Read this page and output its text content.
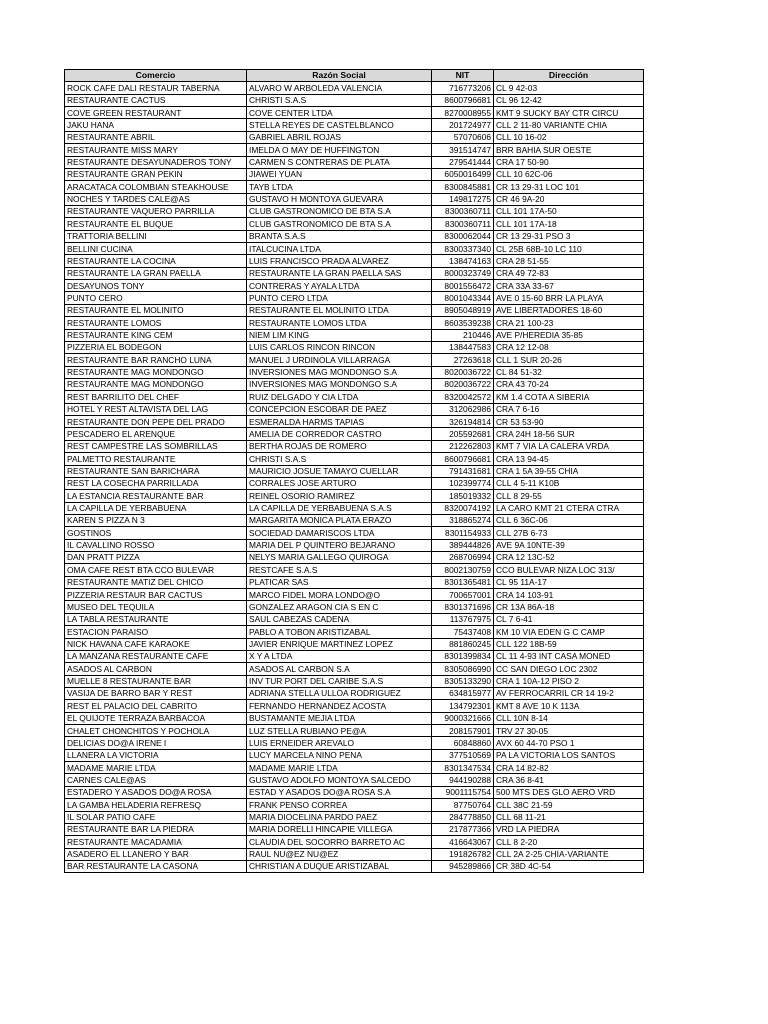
Comercio	Razón Social	NIT	Dirección
ROCK CAFE DALI RESTAUR TABERNA	ALVARO W ARBOLEDA VALENCIA	716773206	CL 9 42-03
RESTAURANTE CACTUS	CHRISTI S.A.S	8600796681	CL 96 12-42
COVE GREEN RESTAURANT	COVE CENTER LTDA	8270008955	KMT 9 SUCKY BAY CTR CIRCU
JAKU HANA	STELLA REYES DE CASTELBLANCO	201724977	CLL 2 11-80 VARIANTE CHIA
RESTAURANTE ABRIL	GABRIEL ABRIL ROJAS	57070606	CLL 10 16-02
RESTAURANTE MISS MARY	IMELDA O MAY DE HUFFINGTON	391514747	BRR BAHIA SUR OESTE
RESTAURANTE DESAYUNADEROS TONY	CARMEN S CONTRERAS DE PLATA	279541444	CRA 17 50-90
RESTAURANTE GRAN PEKIN	JIAWEI YUAN	6050016499	CLL 10 62C-06
ARACATACA COLOMBIAN STEAKHOUSE	TAYB LTDA	8300845881	CR 13 29-31 LOC 101
NOCHES Y TARDES CALE@AS	GUSTAVO H MONTOYA GUEVARA	149817275	CR 46 9A-20
RESTAURANTE VAQUERO PARRILLA	CLUB GASTRONOMICO DE BTA S.A	8300360711	CLL 101 17A-50
RESTAURANTE EL BUQUE	CLUB GASTRONOMICO DE BTA S.A	8300360711	CLL 101 17A-18
TRATTORIA BELLINI	BRANTA S.A.S	8300062044	CR 13 29-31 PSO 3
BELLINI CUCINA	ITALCUCINA LTDA	8300337340	CL 25B 68B-10 LC 110
RESTAURANTE LA COCINA	LUIS FRANCISCO PRADA ALVAREZ	138474163	CRA 28 51-55
RESTAURANTE LA GRAN PAELLA	RESTAURANTE LA GRAN PAELLA SAS	8000323749	CRA 49 72-83
DESAYUNOS TONY	CONTRERAS Y AYALA LTDA	8001556472	CRA 33A 33-67
PUNTO CERO	PUNTO CERO LTDA	8001043344	AVE 0 15-60 BRR LA PLAYA
RESTAURANTE EL MOLINITO	RESTAURANTE EL MOLINITO LTDA	8905048919	AVE LIBERTADORES 18-60
RESTAURANTE LOMOS	RESTAURANTE LOMOS LTDA	8603539238	CRA 21 100-23
RESTAURANTE KING CEM	NIEM LIM KING	210446	AVE P/HEREDIA 35-85
PIZZERIA EL BODEGON	LUIS CARLOS RINCON RINCON	138447583	CRA 12 12-08
RESTAURANTE BAR RANCHO LUNA	MANUEL J URDINOLA VILLARRAGA	27263618	CLL 1 SUR 20-26
RESTAURANTE MAG MONDONGO	INVERSIONES MAG MONDONGO S.A	8020036722	CL 84 51-32
RESTAURANTE MAG MONDONGO	INVERSIONES MAG MONDONGO S.A	8020036722	CRA 43 70-24
REST BARRILITO DEL CHEF	RUIZ DELGADO Y CIA LTDA	8320042572	KM 1.4 COTA A SIBERIA
HOTEL Y REST ALTAVISTA DEL LAG	CONCEPCION ESCOBAR DE PAEZ	312062986	CRA 7 6-16
RESTAURANTE DON PEPE DEL PRADO	ESMERALDA HARMS TAPIAS	326194814	CR 53 53-90
PESCADERO EL ARENQUE	AMELIA DE CORREDOR CASTRO	205592681	CRA 24H 18-56 SUR
REST CAMPESTRE LAS SOMBRILLAS	BERTHA ROJAS DE ROMERO	212262803	KMT 7 VIA LA CALERA VRDA
PALMETTO RESTAURANTE	CHRISTI S.A.S	8600796681	CRA 13 94-45
RESTAURANTE SAN BARICHARA	MAURICIO JOSUE TAMAYO CUELLAR	791431681	CRA 1 5A 39-55 CHIA
REST LA COSECHA PARRILLADA	CORRALES JOSE ARTURO	102399774	CLL 4 5-11 K10B
LA ESTANCIA RESTAURANTE BAR	REINEL OSORIO RAMIREZ	185019332	CLL 8 29-55
LA CAPILLA DE YERBABUENA	LA CAPILLA DE YERBABUENA S.A.S	8320074192	LA CARO KMT 21 CTERA CTRA
KAREN S PIZZA N 3	MARGARITA MONICA PLATA ERAZO	318865274	CLL 6 36C-06
GOSTINOS	SOCIEDAD DAMARISCOS LTDA	8301154933	CLL 27B 6-73
IL CAVALLINO ROSSO	MARIA DEL P QUINTERO BEJARANO	389444826	AVE 9A 10NTE-39
DAN PRATT PIZZA	NELYS MARIA GALLEGO QUIROGA	268706994	CRA 12 13C-52
OMA CAFE REST BTA CCO BULEVAR	RESTCAFE S.A.S	8002130759	CCO BULEVAR NIZA LOC 313/
RESTAURANTE MATIZ DEL CHICO	PLATICAR SAS	8301365481	CL 95 11A-17
PIZZERIA RESTAUR BAR CACTUS	MARCO FIDEL MORA LONDO@O	700657001	CRA 14 103-91
MUSEO DEL TEQUILA	GONZALEZ ARAGON CIA S EN C	8301371696	CR 13A 86A-18
LA TABLA RESTAURANTE	SAUL CABEZAS CADENA	113767975	CL 7 6-41
ESTACION PARAISO	PABLO A TOBON ARISTIZABAL	75437408	KM 10 VIA EDEN G C CAMP
NICK HAVANA CAFE KARAOKE	JAVIER ENRIQUE MARTINEZ LOPEZ	881860245	CLL 122 18B-59
LA MANZANA RESTAURANTE CAFE	X Y A LTDA	8301399834	CL 11 4-93 INT CASA MONED
ASADOS AL CARBON	ASADOS AL CARBON S.A	8305086990	CC SAN DIEGO LOC 2302
MUELLE 8 RESTAURANTE BAR	INV TUR PORT DEL CARIBE S.A.S	8305133290	CRA 1 10A-12 PISO 2
VASIJA DE BARRO BAR Y REST	ADRIANA STELLA ULLOA RODRIGUEZ	634815977	AV FERROCARRIL CR 14 19-2
REST EL PALACIO DEL CABRITO	FERNANDO HERNANDEZ ACOSTA	134792301	KMT 8 AVE 10 K 113A
EL QUIJOTE TERRAZA BARBACOA	BUSTAMANTE MEJIA LTDA	9000321666	CLL 10N 8-14
CHALET CHONCHITOS Y POCHOLA	LUZ STELLA RUBIANO PE@A	208157901	TRV 27 30-05
DELICIAS DO@A IRENE I	LUIS ERNEIDER AREVALO	60848860	AVX 60 44-70 PSO 1
LLANERA LA VICTORIA	LUCY MARCELA NINO PENA	377510569	PA LA VICTORIA LOS SANTOS
MADAME MARIE LTDA	MADAME MARIE LTDA	8301347534	CRA 14 82-82
CARNES CALE@AS	GUSTAVO ADOLFO MONTOYA SALCEDO	944190288	CRA 36 8-41
ESTADERO Y ASADOS DO@A ROSA	ESTAD Y ASADOS DO@A ROSA S.A	9001115754	500 MTS DES GLO AERO VRD
LA GAMBA HELADERIA REFRESQ	FRANK PENSO CORREA	87750764	CLL 38C 21-59
IL SOLAR PATIO CAFE	MARIA DIOCELINA PARDO PAEZ	284778850	CLL 68 11-21
RESTAURANTE BAR LA PIEDRA	MARIA DORELLI HINCAPIE VILLEGA	217877366	VRD LA PIEDRA
RESTAURANTE MACADAMIA	CLAUDIA DEL SOCORRO BARRETO AC	416643067	CLL 8 2-20
ASADERO EL LLANERO Y BAR	RAUL NU@EZ NU@EZ	191826782	CLL 2A 2-25 CHIA-VARIANTE
BAR RESTAURANTE LA CASONA	CHRISTIAN A DUQUE ARISTIZABAL	945289866	CR 38D 4C-54
